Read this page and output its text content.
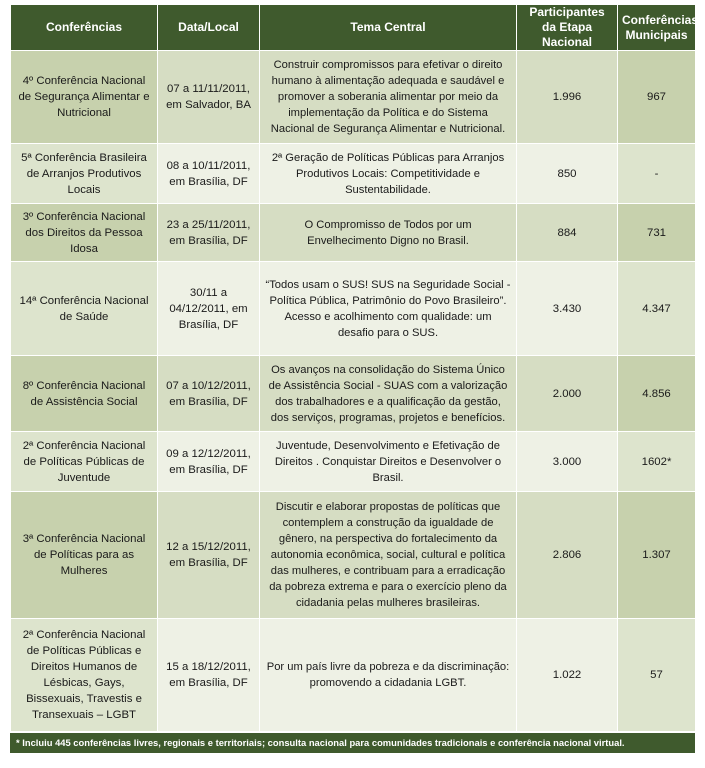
Conferências	Data/Local	Tema Central	Participantes da Etapa Nacional	Conferências Municipais
4º Conferência Nacional de Segurança Alimentar e Nutricional	07 a 11/11/2011, em Salvador, BA	Construir compromissos para efetivar o direito humano à alimentação adequada e saudável e promover a soberania alimentar por meio da implementação da Política e do Sistema Nacional de Segurança Alimentar e Nutricional.	1.996	967
5ª Conferência Brasileira de Arranjos Produtivos Locais	08 a 10/11/2011, em Brasília, DF	2ª Geração de Políticas Públicas para Arranjos Produtivos Locais: Competitividade e Sustentabilidade.	850	-
3º Conferência Nacional dos Direitos da Pessoa Idosa	23 a 25/11/2011, em Brasília, DF	O Compromisso de Todos por um Envelhecimento Digno no Brasil.	884	731
14ª Conferência Nacional de Saúde	30/11 a 04/12/2011, em Brasília, DF	“Todos usam o SUS! SUS na Seguridade Social - Política Pública, Patrimônio do Povo Brasileiro”. Acesso e acolhimento com qualidade: um desafio para o SUS.	3.430	4.347
8º Conferência Nacional de Assistência Social	07 a 10/12/2011, em Brasília, DF	Os avanços na consolidação do Sistema Único de Assistência Social - SUAS com a valorização dos trabalhadores e a qualificação da gestão, dos serviços, programas, projetos e benefícios.	2.000	4.856
2ª Conferência Nacional de Políticas Públicas de Juventude	09 a 12/12/2011, em Brasília, DF	Juventude, Desenvolvimento e Efetivação de Direitos . Conquistar Direitos e Desenvolver o Brasil.	3.000	1602*
3ª Conferência Nacional de Políticas para as Mulheres	12 a 15/12/2011, em Brasília, DF	Discutir e elaborar propostas de políticas que contemplem a construção da igualdade de gênero, na perspectiva do fortalecimento da autonomia econômica, social, cultural e política das mulheres, e contribuam para a erradicação da pobreza extrema e para o exercício pleno da cidadania pelas mulheres brasileiras.	2.806	1.307
2ª Conferência Nacional de Políticas Públicas e Direitos Humanos de Lésbicas, Gays, Bissexuais, Travestis e Transexuais – LGBT	15 a 18/12/2011, em Brasília, DF	Por um país livre da pobreza e da discriminação: promovendo a cidadania LGBT.	1.022	57
* Incluiu 445 conferências livres, regionais e territoriais; consulta nacional para comunidades tradicionais e conferência nacional virtual.
